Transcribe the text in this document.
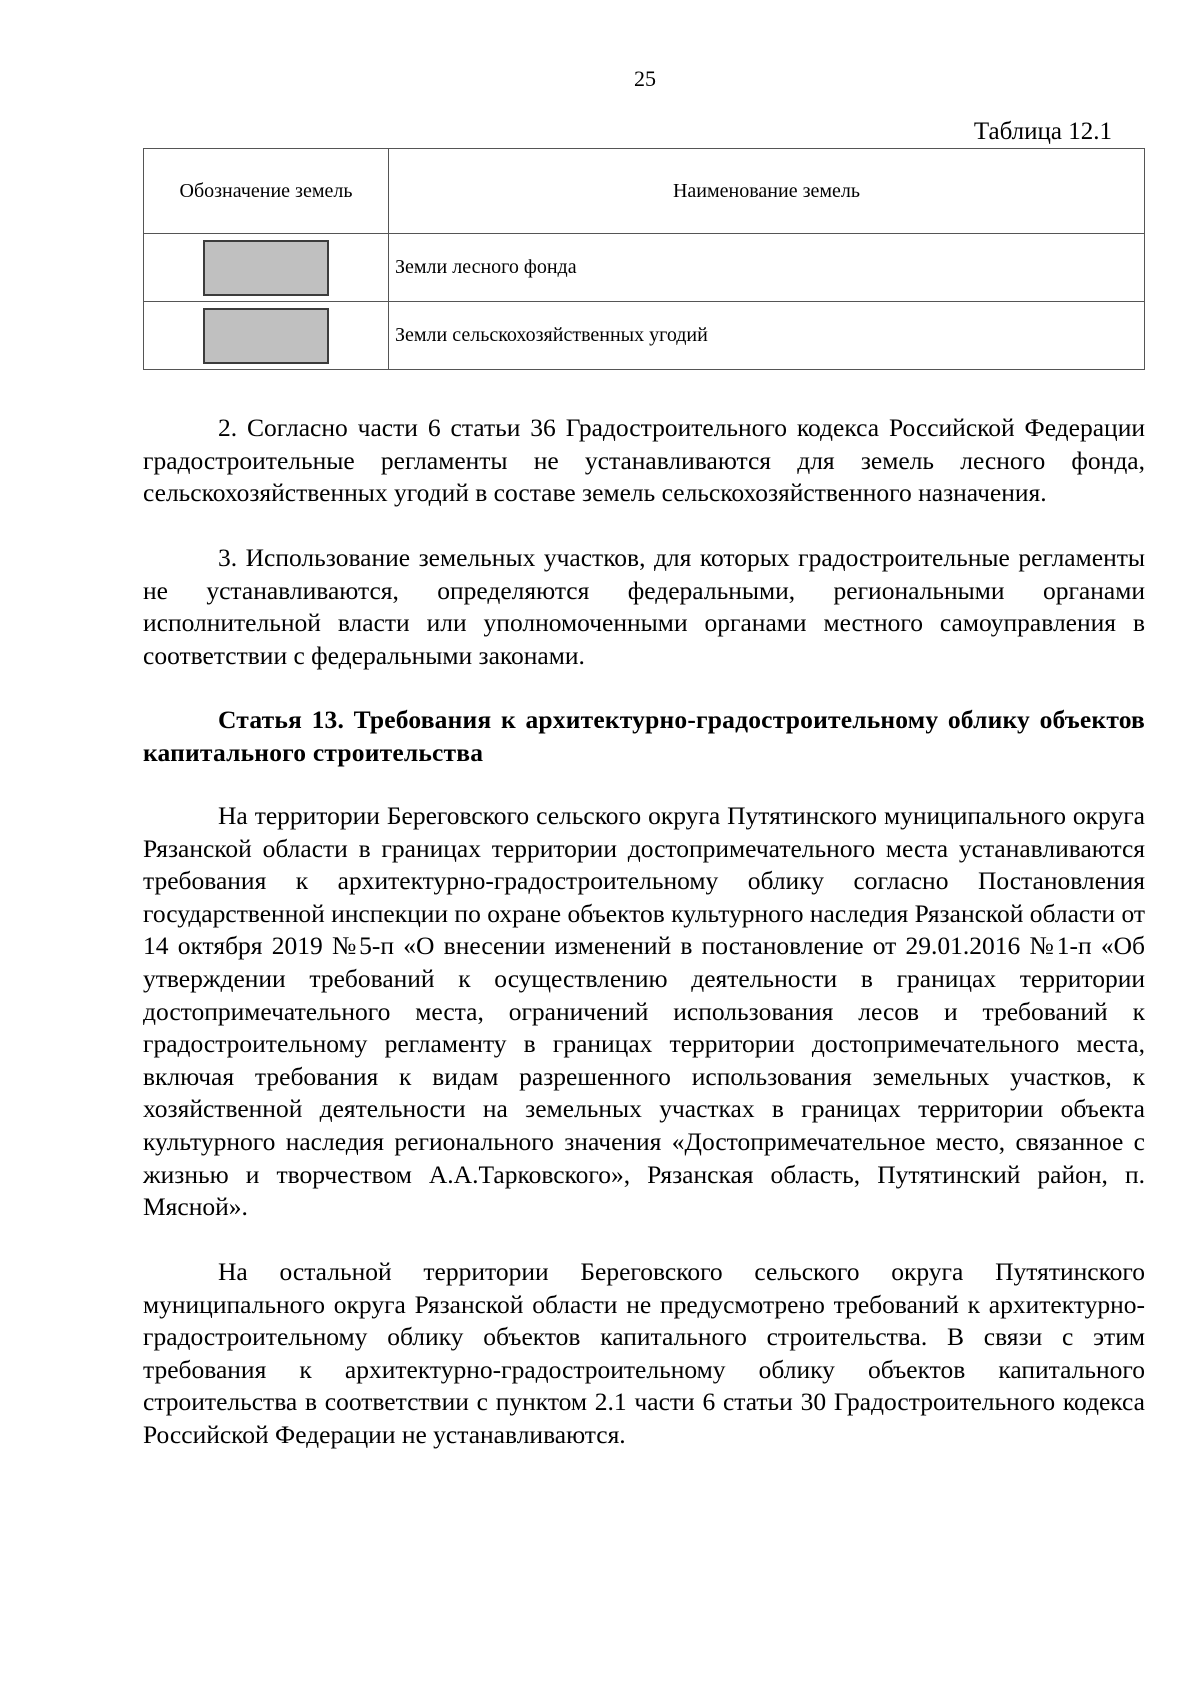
25
Таблица 12.1
Обозначение земель	Наименование земель
	Земли лесного фонда
	Земли сельскохозяйственных угодий

2. Согласно части 6 статьи 36 Градостроительного кодекса Российской Федерации градостроительные регламенты не устанавливаются для земель лесного фонда, сельскохозяйственных угодий в составе земель сельскохозяйственного назначения.

3. Использование земельных участков, для которых градостроительные регламенты не устанавливаются, определяются федеральными, региональными органами исполнительной власти или уполномоченными органами местного самоуправления в соответствии с федеральными законами.

Статья 13. Требования к архитектурно-градостроительному облику объектов капитального строительства

На территории Береговского сельского округа Путятинского муниципального округа Рязанской области в границах территории достопримечательного места устанавливаются требования к архитектурно-градостроительному облику согласно Постановления государственной инспекции по охране объектов культурного наследия Рязанской области от 14 октября 2019 №5-п «О внесении изменений в постановление от 29.01.2016 №1-п «Об утверждении требований к осуществлению деятельности в границах территории достопримечательного места, ограничений использования лесов и требований к градостроительному регламенту в границах территории достопримечательного места, включая требования к видам разрешенного использования земельных участков, к хозяйственной деятельности на земельных участках в границах территории объекта культурного наследия регионального значения «Достопримечательное место, связанное с жизнью и творчеством А.А.Тарковского», Рязанская область, Путятинский район, п. Мясной».

На остальной территории Береговского сельского округа Путятинского муниципального округа Рязанской области не предусмотрено требований к архитектурно-градостроительному облику объектов капитального строительства. В связи с этим требования к архитектурно-градостроительному облику объектов капитального строительства в соответствии с пунктом 2.1 части 6 статьи 30 Градостроительного кодекса Российской Федерации не устанавливаются.
